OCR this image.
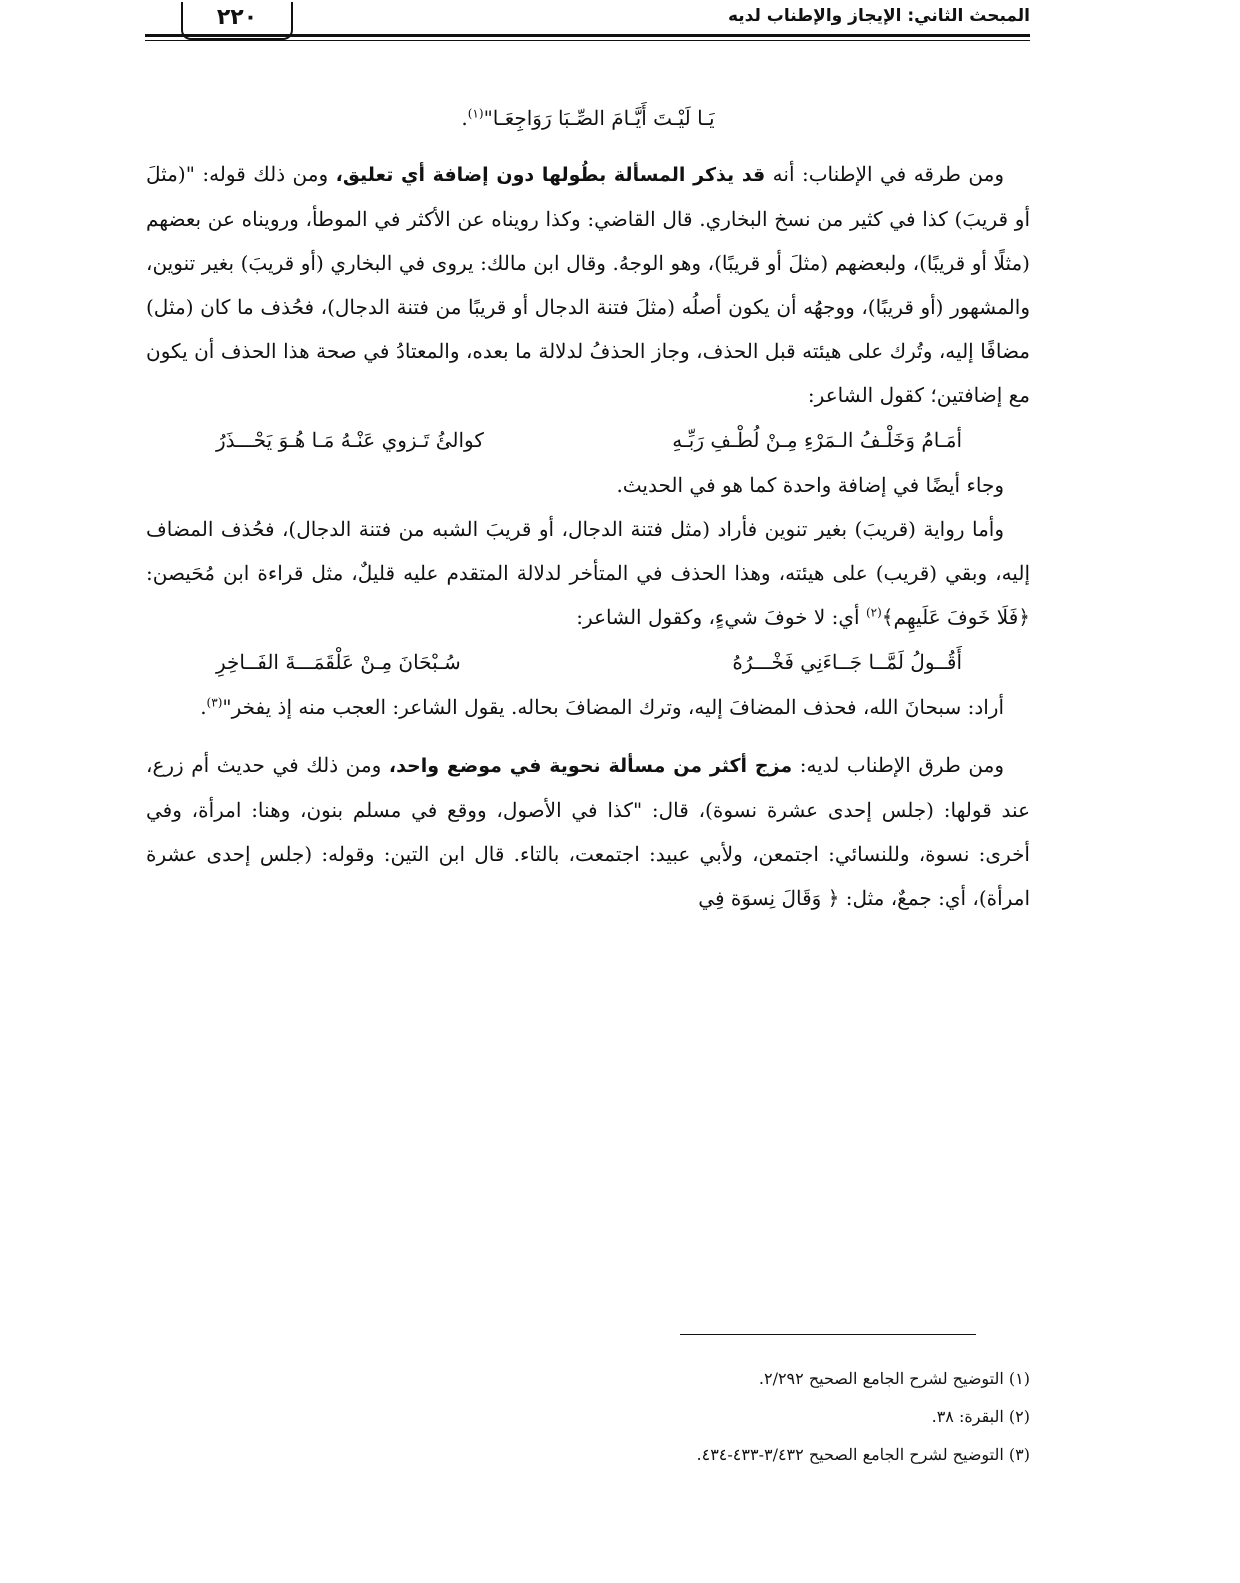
٢٢٠	المبحث الثاني: الإيجاز والإطناب لديه
يَـا لَيْـتَ أَيَّـامَ الصِّـبَا رَوَاجِعَـا"$^{(١)}$.

ومن طرقه في الإطناب: أنه قد يذكر المسألة بطُولها دون إضافة أي تعليق، ومن ذلك قوله: "(مثلَ أو قريبَ) كذا في كثير من نسخ البخاري. قال القاضي: وكذا رويناه عن الأكثر في الموطأ، ورويناه عن بعضهم (مثلًا أو قريبًا)، ولبعضهم (مثلَ أو قريبًا)، وهو الوجهُ. وقال ابن مالك: يروى في البخاري (أو قريبَ) بغير تنوين، والمشهور (أو قريبًا)، ووجهُه أن يكون أصلُه (مثلَ فتنة الدجال أو قريبًا من فتنة الدجال)، فحُذف ما كان (مثل) مضافًا إليه، وتُرك على هيئته قبل الحذف، وجاز الحذفُ لدلالة ما بعده، والمعتادُ في صحة هذا الحذف أن يكون مع إضافتين؛ كقول الشاعر:

أمَـامُ وَخَلْـفُ الـمَرْءِ مِـنْ لُطْـفِ رَبِّـهِ
كوالئُ تَـزوي عَنْـهُ مَـا هُـوَ يَحْـــذَرُ

وجاء أيضًا في إضافة واحدة كما هو في الحديث.

وأما رواية (قريبَ) بغير تنوين فأراد (مثل فتنة الدجال، أو قريبَ الشبه من فتنة الدجال)، فحُذف المضاف إليه، وبقي (قريب) على هيئته، وهذا الحذف في المتأخر لدلالة المتقدم عليه قليلٌ، مثل قراءة ابن مُحَيصن: ﴿فَلَا خَوفَ عَلَيهِم﴾$^{(٢)}$ أي: لا خوفَ شيءٍ، وكقول الشاعر:

أَقُــولُ لَمَّــا جَــاءَنِي فَخْـــرُهُ
سُـبْحَانَ مِـنْ عَلْقَمَـــةَ الفَــاخِرِ

أراد: سبحانَ الله، فحذف المضافَ إليه، وترك المضافَ بحاله. يقول الشاعر: العجب منه إذ يفخر"$^{(٣)}$.

ومن طرق الإطناب لديه: مزج أكثر من مسألة نحوية في موضع واحد، ومن ذلك في حديث أم زرع، عند قولها: (جلس إحدى عشرة نسوة)، قال: "كذا في الأصول، ووقع في مسلم بنون، وهنا: امرأة، وفي أخرى: نسوة، وللنسائي: اجتمعن، ولأبي عبيد: اجتمعت، بالتاء. قال ابن التين: وقوله: (جلس إحدى عشرة امرأة)، أي: جمعٌ، مثل: ﴿ وَقَالَ نِسوَة فِي

(١) التوضيح لشرح الجامع الصحيح ٢/٢٩٢.

(٢) البقرة: ٣٨.

(٣) التوضيح لشرح الجامع الصحيح ٣/٤٣٢-٤٣٣-٤٣٤.
